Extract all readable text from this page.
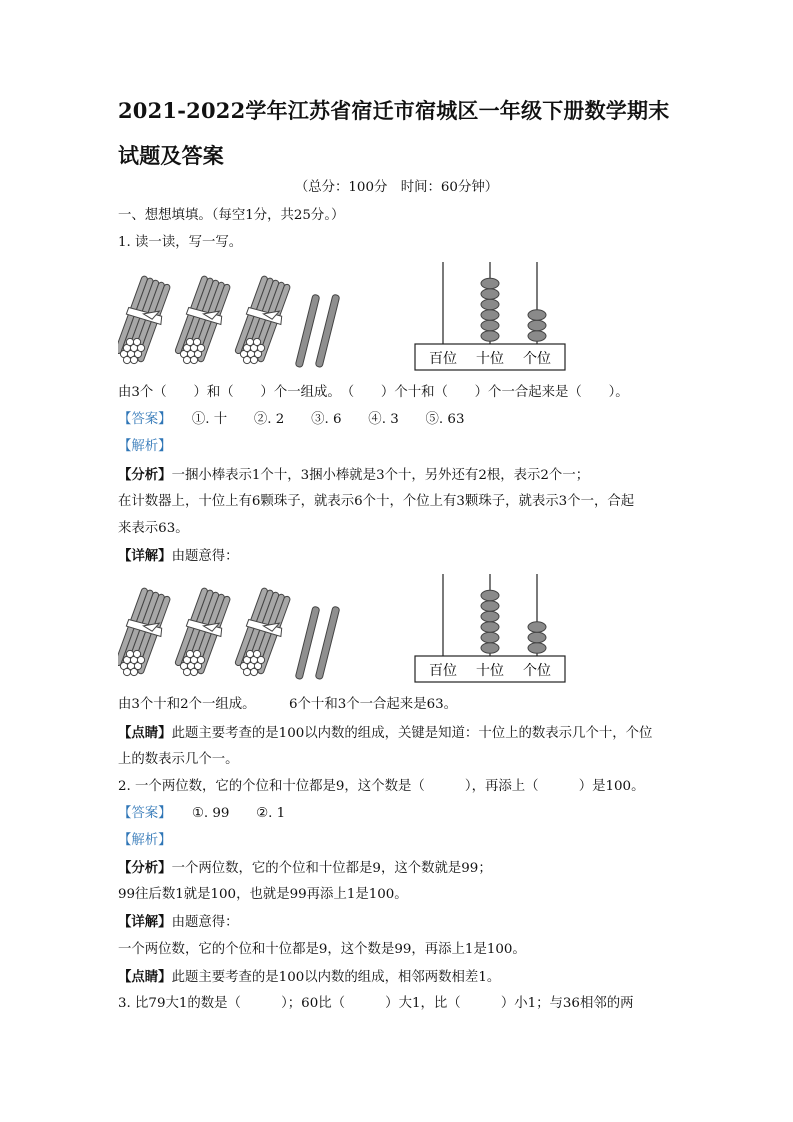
2021-2022学年江苏省宿迁市宿城区一年级下册数学期末试题及答案
（总分：100分　时间：60分钟）
一、想想填填。（每空1分，共25分。）
1. 读一读，写一写。
百位 十位 个位
由3个（　　）和（　　）个一组成。　（　　）个十和（　　）个一合起来是（　　）。
【答案】 ①. 十　　②. 2　　③. 6　　④. 3　　⑤. 63
【解析】
【分析】一捆小棒表示1个十，3捆小棒就是3个十，另外还有2根，表示2个一；
在计数器上，十位上有6颗珠子，就表示6个十，个位上有3颗珠子，就表示3个一，合起
来表示63。
【详解】由题意得：
百位 十位 个位
由3个十和2个一组成。　　　6个十和3个一合起来是63。
【点睛】此题主要考查的是100以内数的组成，关键是知道：十位上的数表示几个十，个位
上的数表示几个一。
2. 一个两位数，它的个位和十位都是9，这个数是（　　　），再添上（　　　）是100。
【答案】 ①. 99　　②. 1
【解析】
【分析】一个两位数，它的个位和十位都是9，这个数就是99；
99往后数1就是100，也就是99再添上1是100。
【详解】由题意得：
一个两位数，它的个位和十位都是9，这个数是99，再添上1是100。
【点睛】此题主要考查的是100以内数的组成，相邻两数相差1。
3. 比79大1的数是（　　　）；60比（　　　）大1，比（　　　）小1；与36相邻的两
